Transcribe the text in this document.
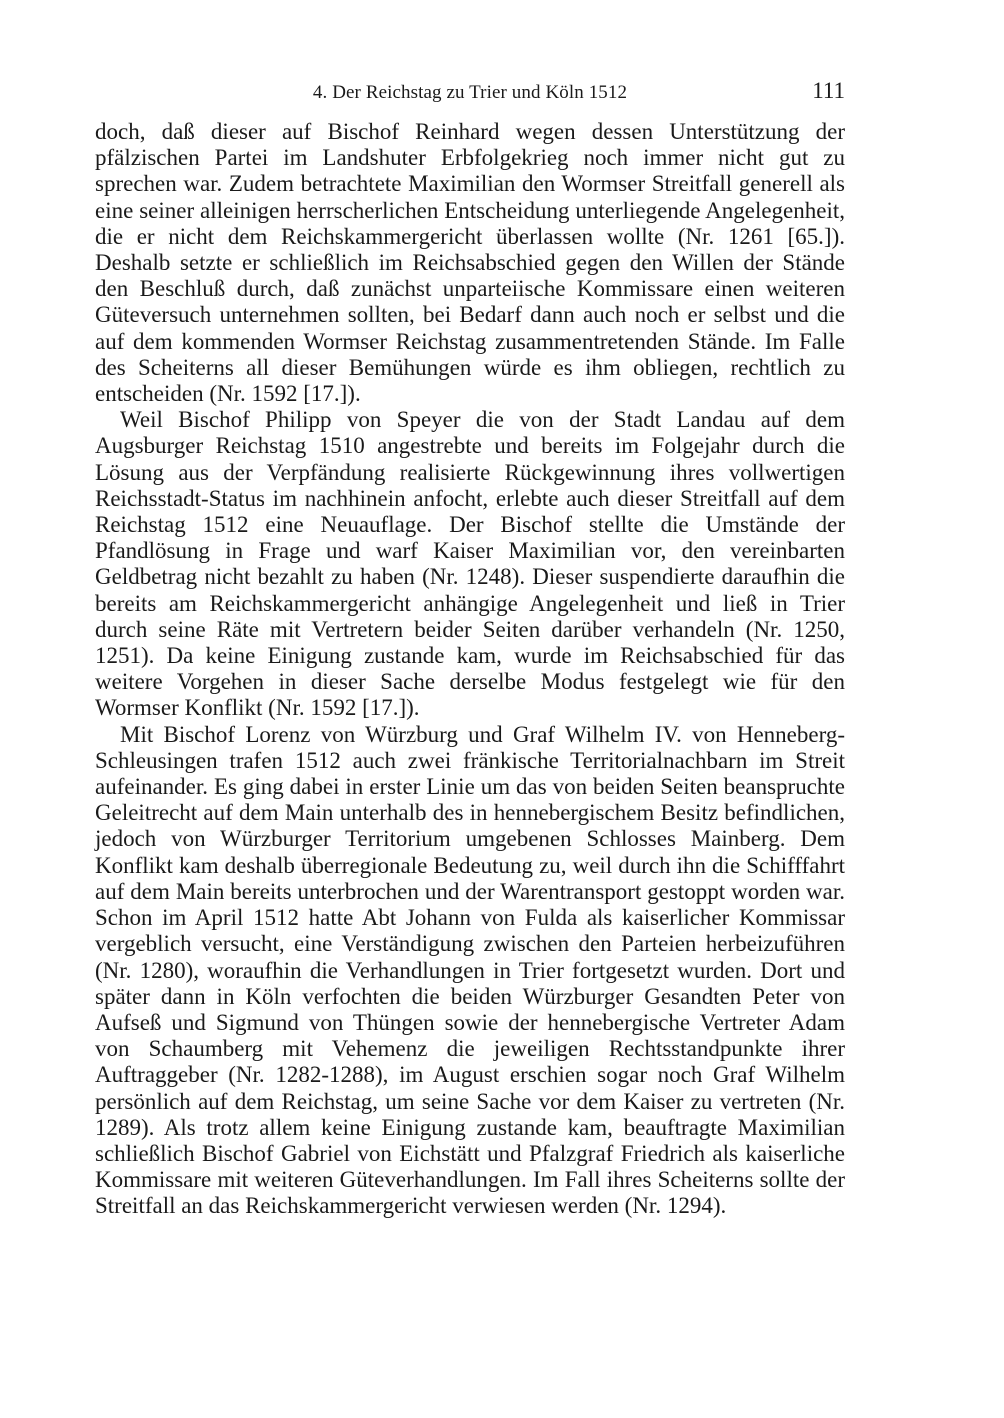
4. Der Reichstag zu Trier und Köln 1512	111

doch, daß dieser auf Bischof Reinhard wegen dessen Unterstützung der pfälzischen Partei im Landshuter Erbfolgekrieg noch immer nicht gut zu sprechen war. Zudem betrachtete Maximilian den Wormser Streitfall generell als eine seiner alleinigen herrscherlichen Entscheidung unterliegende Angelegenheit, die er nicht dem Reichskammergericht überlassen wollte (Nr. 1261 [65.]). Deshalb setzte er schließlich im Reichsabschied gegen den Willen der Stände den Beschluß durch, daß zunächst unparteiische Kommissare einen weiteren Güteversuch unternehmen sollten, bei Bedarf dann auch noch er selbst und die auf dem kommenden Wormser Reichstag zusammentretenden Stände. Im Falle des Scheiterns all dieser Bemühungen würde es ihm obliegen, rechtlich zu entscheiden (Nr. 1592 [17.]).

Weil Bischof Philipp von Speyer die von der Stadt Landau auf dem Augsburger Reichstag 1510 angestrebte und bereits im Folgejahr durch die Lösung aus der Verpfändung realisierte Rückgewinnung ihres vollwertigen Reichsstadt-Status im nachhinein anfocht, erlebte auch dieser Streitfall auf dem Reichstag 1512 eine Neuauflage. Der Bischof stellte die Umstände der Pfandlösung in Frage und warf Kaiser Maximilian vor, den vereinbarten Geldbetrag nicht bezahlt zu haben (Nr. 1248). Dieser suspendierte daraufhin die bereits am Reichskammergericht anhängige Angelegenheit und ließ in Trier durch seine Räte mit Vertretern beider Seiten darüber verhandeln (Nr. 1250, 1251). Da keine Einigung zustande kam, wurde im Reichsabschied für das weitere Vorgehen in dieser Sache derselbe Modus festgelegt wie für den Wormser Konflikt (Nr. 1592 [17.]).

Mit Bischof Lorenz von Würzburg und Graf Wilhelm IV. von Henneberg-Schleusingen trafen 1512 auch zwei fränkische Territorialnachbarn im Streit aufeinander. Es ging dabei in erster Linie um das von beiden Seiten beanspruchte Geleitrecht auf dem Main unterhalb des in hennebergischem Besitz befindlichen, jedoch von Würzburger Territorium umgebenen Schlosses Mainberg. Dem Konflikt kam deshalb überregionale Bedeutung zu, weil durch ihn die Schifffahrt auf dem Main bereits unterbrochen und der Warentransport gestoppt worden war. Schon im April 1512 hatte Abt Johann von Fulda als kaiserlicher Kommissar vergeblich versucht, eine Verständigung zwischen den Parteien herbeizuführen (Nr. 1280), woraufhin die Verhandlungen in Trier fortgesetzt wurden. Dort und später dann in Köln verfochten die beiden Würzburger Gesandten Peter von Aufseß und Sigmund von Thüngen sowie der hennebergische Vertreter Adam von Schaumberg mit Vehemenz die jeweiligen Rechtsstandpunkte ihrer Auftraggeber (Nr. 1282-1288), im August erschien sogar noch Graf Wilhelm persönlich auf dem Reichstag, um seine Sache vor dem Kaiser zu vertreten (Nr. 1289). Als trotz allem keine Einigung zustande kam, beauftragte Maximilian schließlich Bischof Gabriel von Eichstätt und Pfalzgraf Friedrich als kaiserliche Kommissare mit weiteren Güteverhandlungen. Im Fall ihres Scheiterns sollte der Streitfall an das Reichskammergericht verwiesen werden (Nr. 1294).
